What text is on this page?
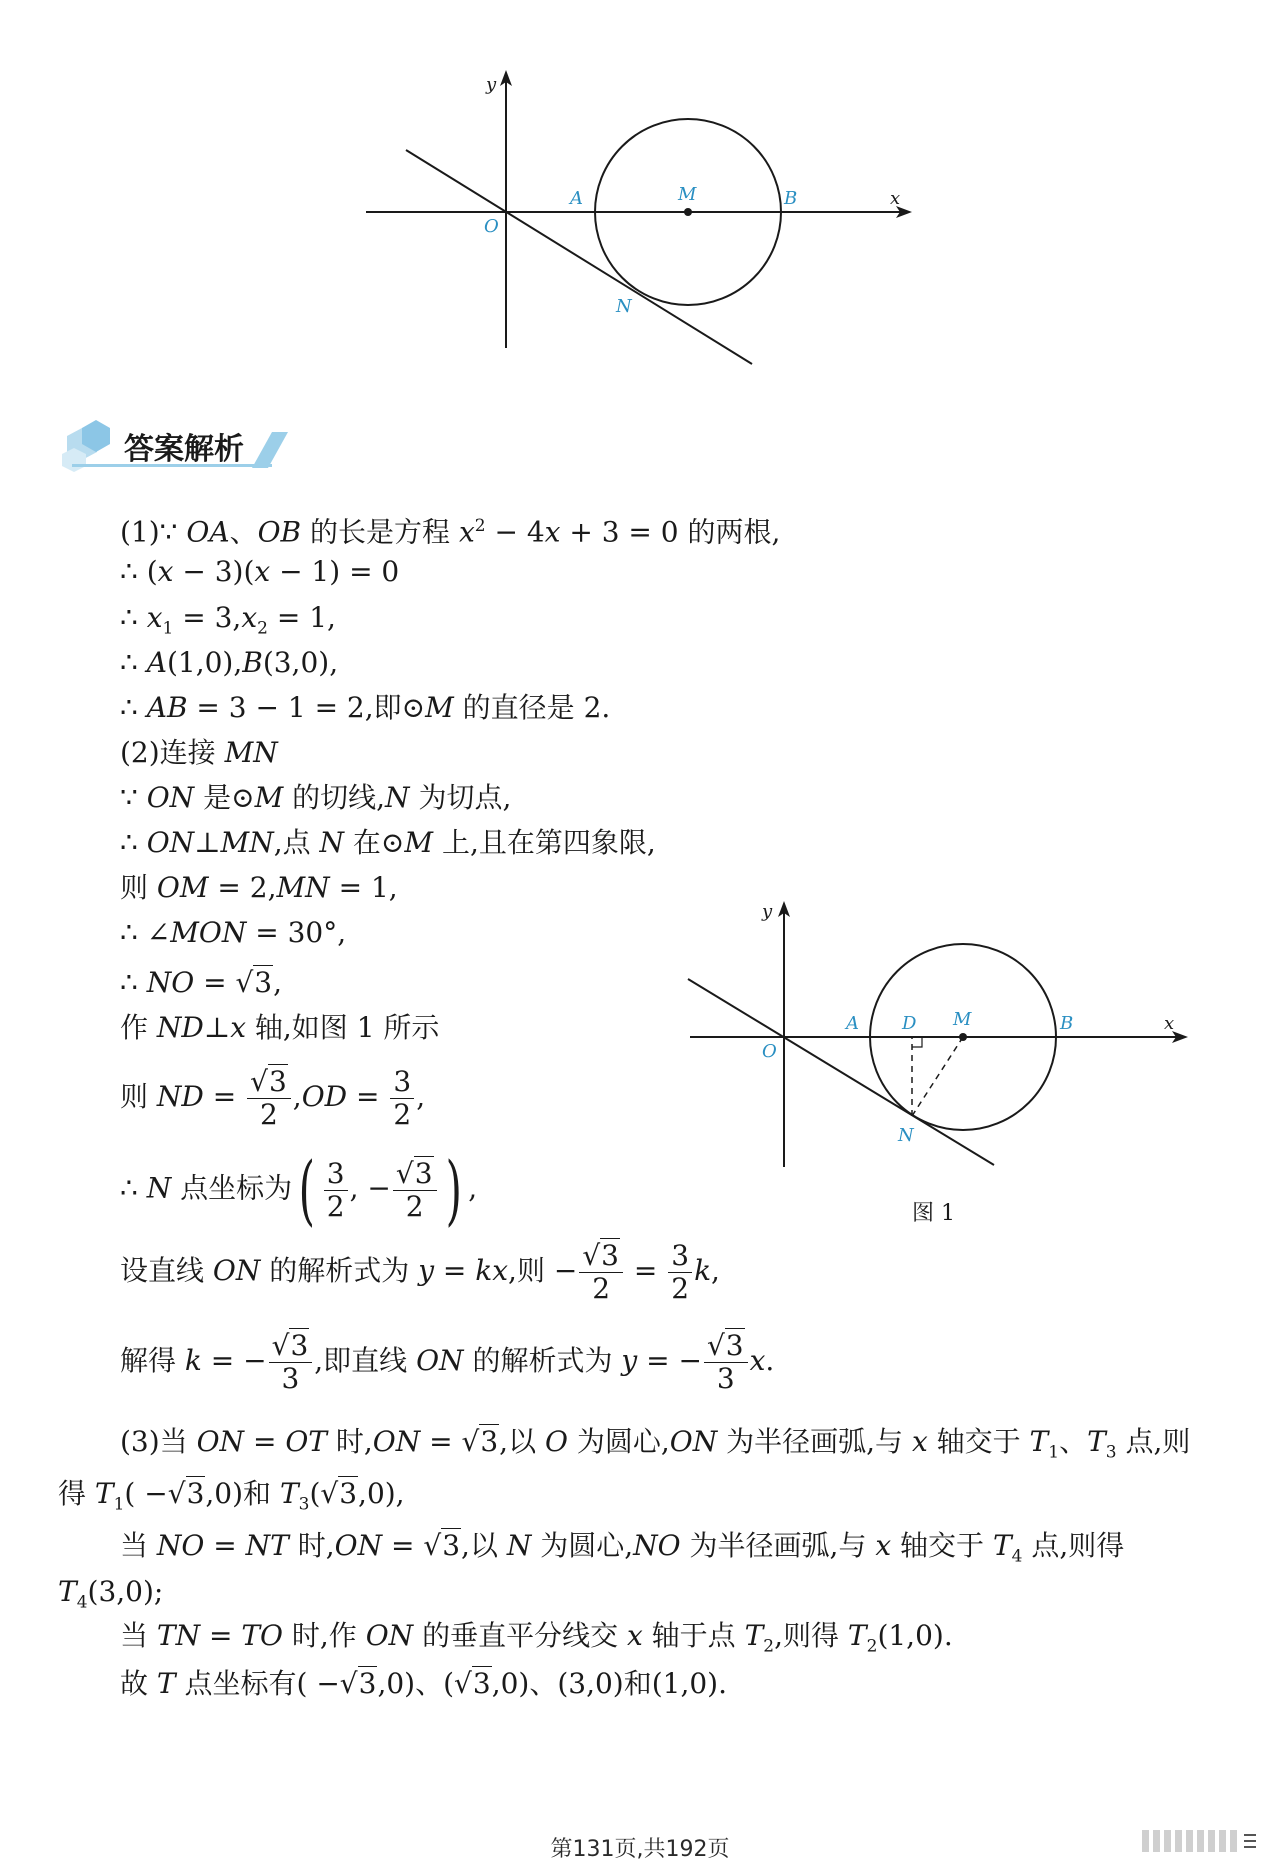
y
x
O
A	M	B
N
答案解析
(1)∵ OA、OB 的长是方程 $x^2 - 4x + 3 = 0$ 的两根,
∴ (x − 3)(x − 1) = 0
∴ $x_1 = 3,x_2 = 1$,
∴ A(1,0),B(3,0),
∴ AB = 3 − 1 = 2,即⊙M 的直径是 2.
(2)连接 MN
∵ ON 是⊙M 的切线,N 为切点,
∴ ON⊥MN,点 N 在⊙M 上,且在第四象限,
则 OM = 2,MN = 1,
∴ ∠MON = 30°,
∴ NO = √3,
作 ND⊥x 轴,如图 1 所示
则 ND = $\frac{√3}{2} ,OD = \frac{3}{2}$ ,
∴ N 点坐标为( $\frac{3}{2}$ , − $\frac{√3}{2}$ ) ,
设直线 ON 的解析式为 y = kx,则 − $\frac{√3}{2} = \frac{3}{2} k$,
解得 k = − $\frac{√3}{3}$ ,即直线 ON 的解析式为 y = − $\frac{√3}{3} x$.
(3)当 ON = OT 时,ON = √3,以 O 为圆心,ON 为半径画弧,与 x 轴交于 $T_1$、$T_3$ 点,则
得 $T_1( -√3,0)$和 $T_3(√3,0)$,
当 NO = NT 时,ON = √3,以 N 为圆心,NO 为半径画弧,与 x 轴交于 $T_4$ 点,则得
$T_4(3,0)$;
当 TN = TO 时,作 ON 的垂直平分线交 x 轴于点 $T_2$,则得 $T_2(1,0)$.
故 T 点坐标有( −√3,0)、(√3,0)、(3,0)和(1,0).
y
x
O
A D M	B
N
图 1
第131页,共192页
